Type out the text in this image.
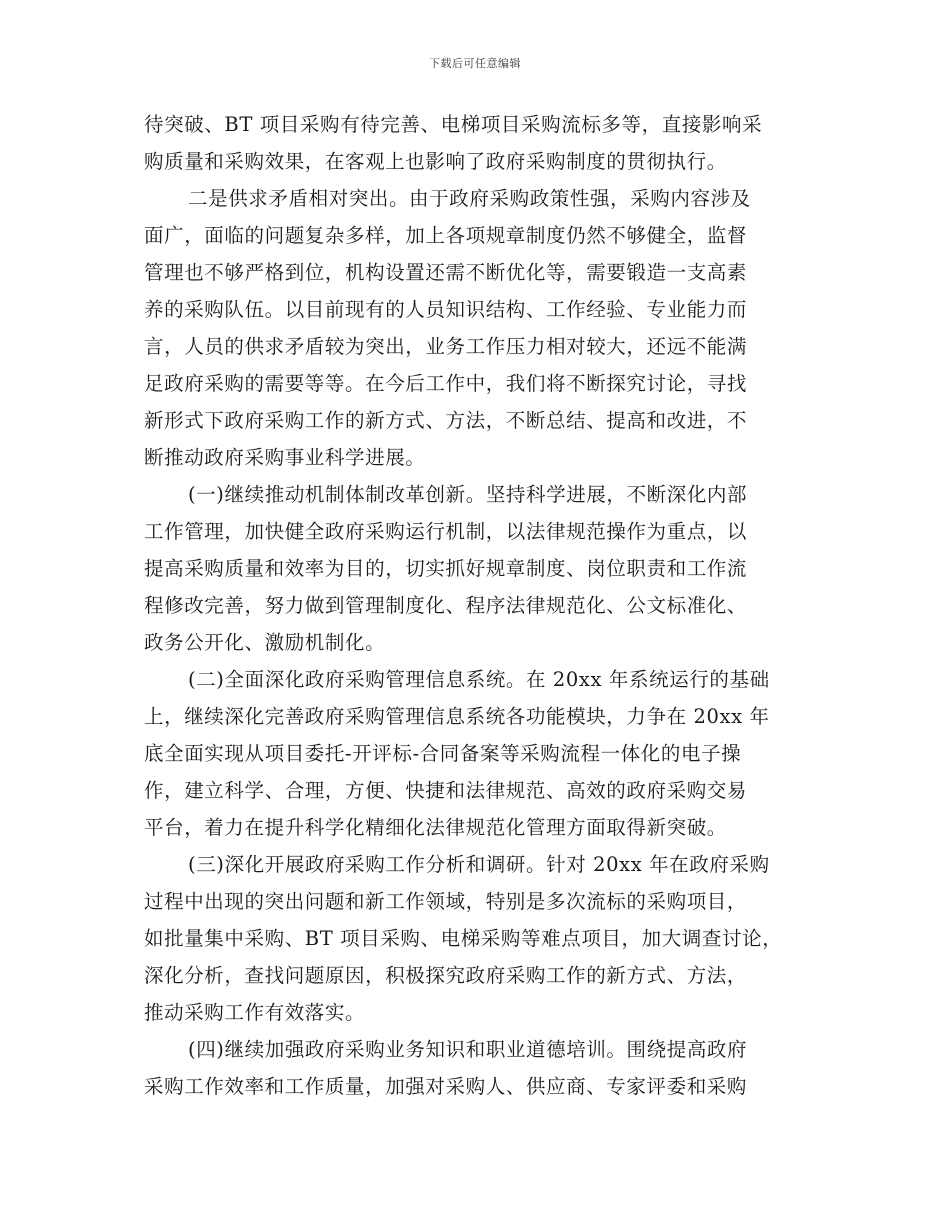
下载后可任意编辑
待突破、BT 项目采购有待完善、电梯项目采购流标多等，直接影响采
购质量和采购效果，在客观上也影响了政府采购制度的贯彻执行。
二是供求矛盾相对突出。由于政府采购政策性强，采购内容涉及
面广，面临的问题复杂多样，加上各项规章制度仍然不够健全，监督
管理也不够严格到位，机构设置还需不断优化等，需要锻造一支高素
养的采购队伍。以目前现有的人员知识结构、工作经验、专业能力而
言，人员的供求矛盾较为突出，业务工作压力相对较大，还远不能满
足政府采购的需要等等。在今后工作中，我们将不断探究讨论，寻找
新形式下政府采购工作的新方式、方法，不断总结、提高和改进，不
断推动政府采购事业科学进展。
(一)继续推动机制体制改革创新。坚持科学进展，不断深化内部
工作管理，加快健全政府采购运行机制，以法律规范操作为重点，以
提高采购质量和效率为目的，切实抓好规章制度、岗位职责和工作流
程修改完善，努力做到管理制度化、程序法律规范化、公文标准化、
政务公开化、激励机制化。
(二)全面深化政府采购管理信息系统。在 20xx 年系统运行的基础
上，继续深化完善政府采购管理信息系统各功能模块，力争在 20xx 年
底全面实现从项目委托-开评标-合同备案等采购流程一体化的电子操
作，建立科学、合理，方便、快捷和法律规范、高效的政府采购交易
平台，着力在提升科学化精细化法律规范化管理方面取得新突破。
(三)深化开展政府采购工作分析和调研。针对 20xx 年在政府采购
过程中出现的突出问题和新工作领域，特别是多次流标的采购项目，
如批量集中采购、BT 项目采购、电梯采购等难点项目，加大调查讨论，
深化分析，查找问题原因，积极探究政府采购工作的新方式、方法，
推动采购工作有效落实。
(四)继续加强政府采购业务知识和职业道德培训。围绕提高政府
采购工作效率和工作质量，加强对采购人、供应商、专家评委和采购
